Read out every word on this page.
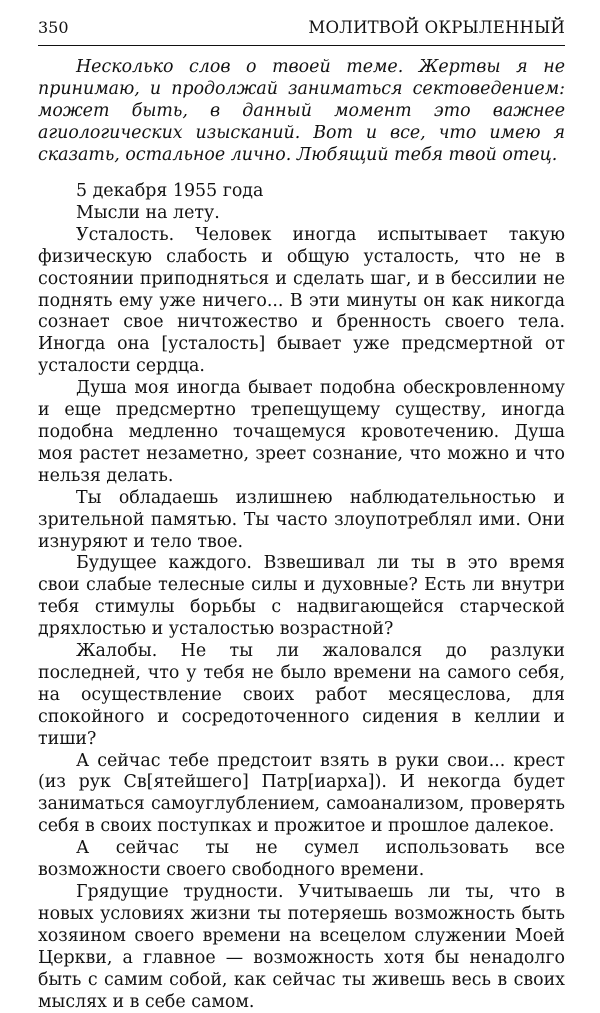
350	МОЛИТВОЙ ОКРЫЛЕННЫЙ

Несколько слов о твоей теме. Жертвы я не принимаю, и продолжай заниматься сектоведением: может быть, в данный момент это важнее агиологических изысканий. Вот и все, что имею я сказать, остальное лично. Любящий тебя твой отец.

5 декабря 1955 года

Мысли на лету.

Усталость. Человек иногда испытывает такую физическую слабость и общую усталость, что не в состоянии приподняться и сделать шаг, и в бессилии не поднять ему уже ничего... В эти минуты он как никогда сознает свое ничтожество и бренность своего тела. Иногда она [усталость] бывает уже предсмертной от усталости сердца.

Душа моя иногда бывает подобна обескровленному и еще предсмертно трепещущему существу, иногда подобна медленно точащемуся кровотечению. Душа моя растет незаметно, зреет сознание, что можно и что нельзя делать.

Ты обладаешь излишнею наблюдательностью и зрительной памятью. Ты часто злоупотреблял ими. Они изнуряют и тело твое.

Будущее каждого. Взвешивал ли ты в это время свои слабые телесные силы и духовные? Есть ли внутри тебя стимулы борьбы с надвигающейся старческой дряхлостью и усталостью возрастной?

Жалобы. Не ты ли жаловался до разлуки последней, что у тебя не было времени на самого себя, на осуществление своих работ месяцеслова, для спокойного и сосредоточенного сидения в келлии и тиши?

А сейчас тебе предстоит взять в руки свои... крест (из рук Св[ятейшего] Патр[иарха]). И некогда будет заниматься самоуглублением, самоанализом, проверять себя в своих поступках и прожитое и прошлое далекое.

А сейчас ты не сумел использовать все возможности своего свободного времени.

Грядущие трудности. Учитываешь ли ты, что в новых условиях жизни ты потеряешь возможность быть хозяином своего времени на всецелом служении Моей Церкви, а главное — возможность хотя бы ненадолго быть с самим собой, как сейчас ты живешь весь в своих мыслях и в себе самом.
